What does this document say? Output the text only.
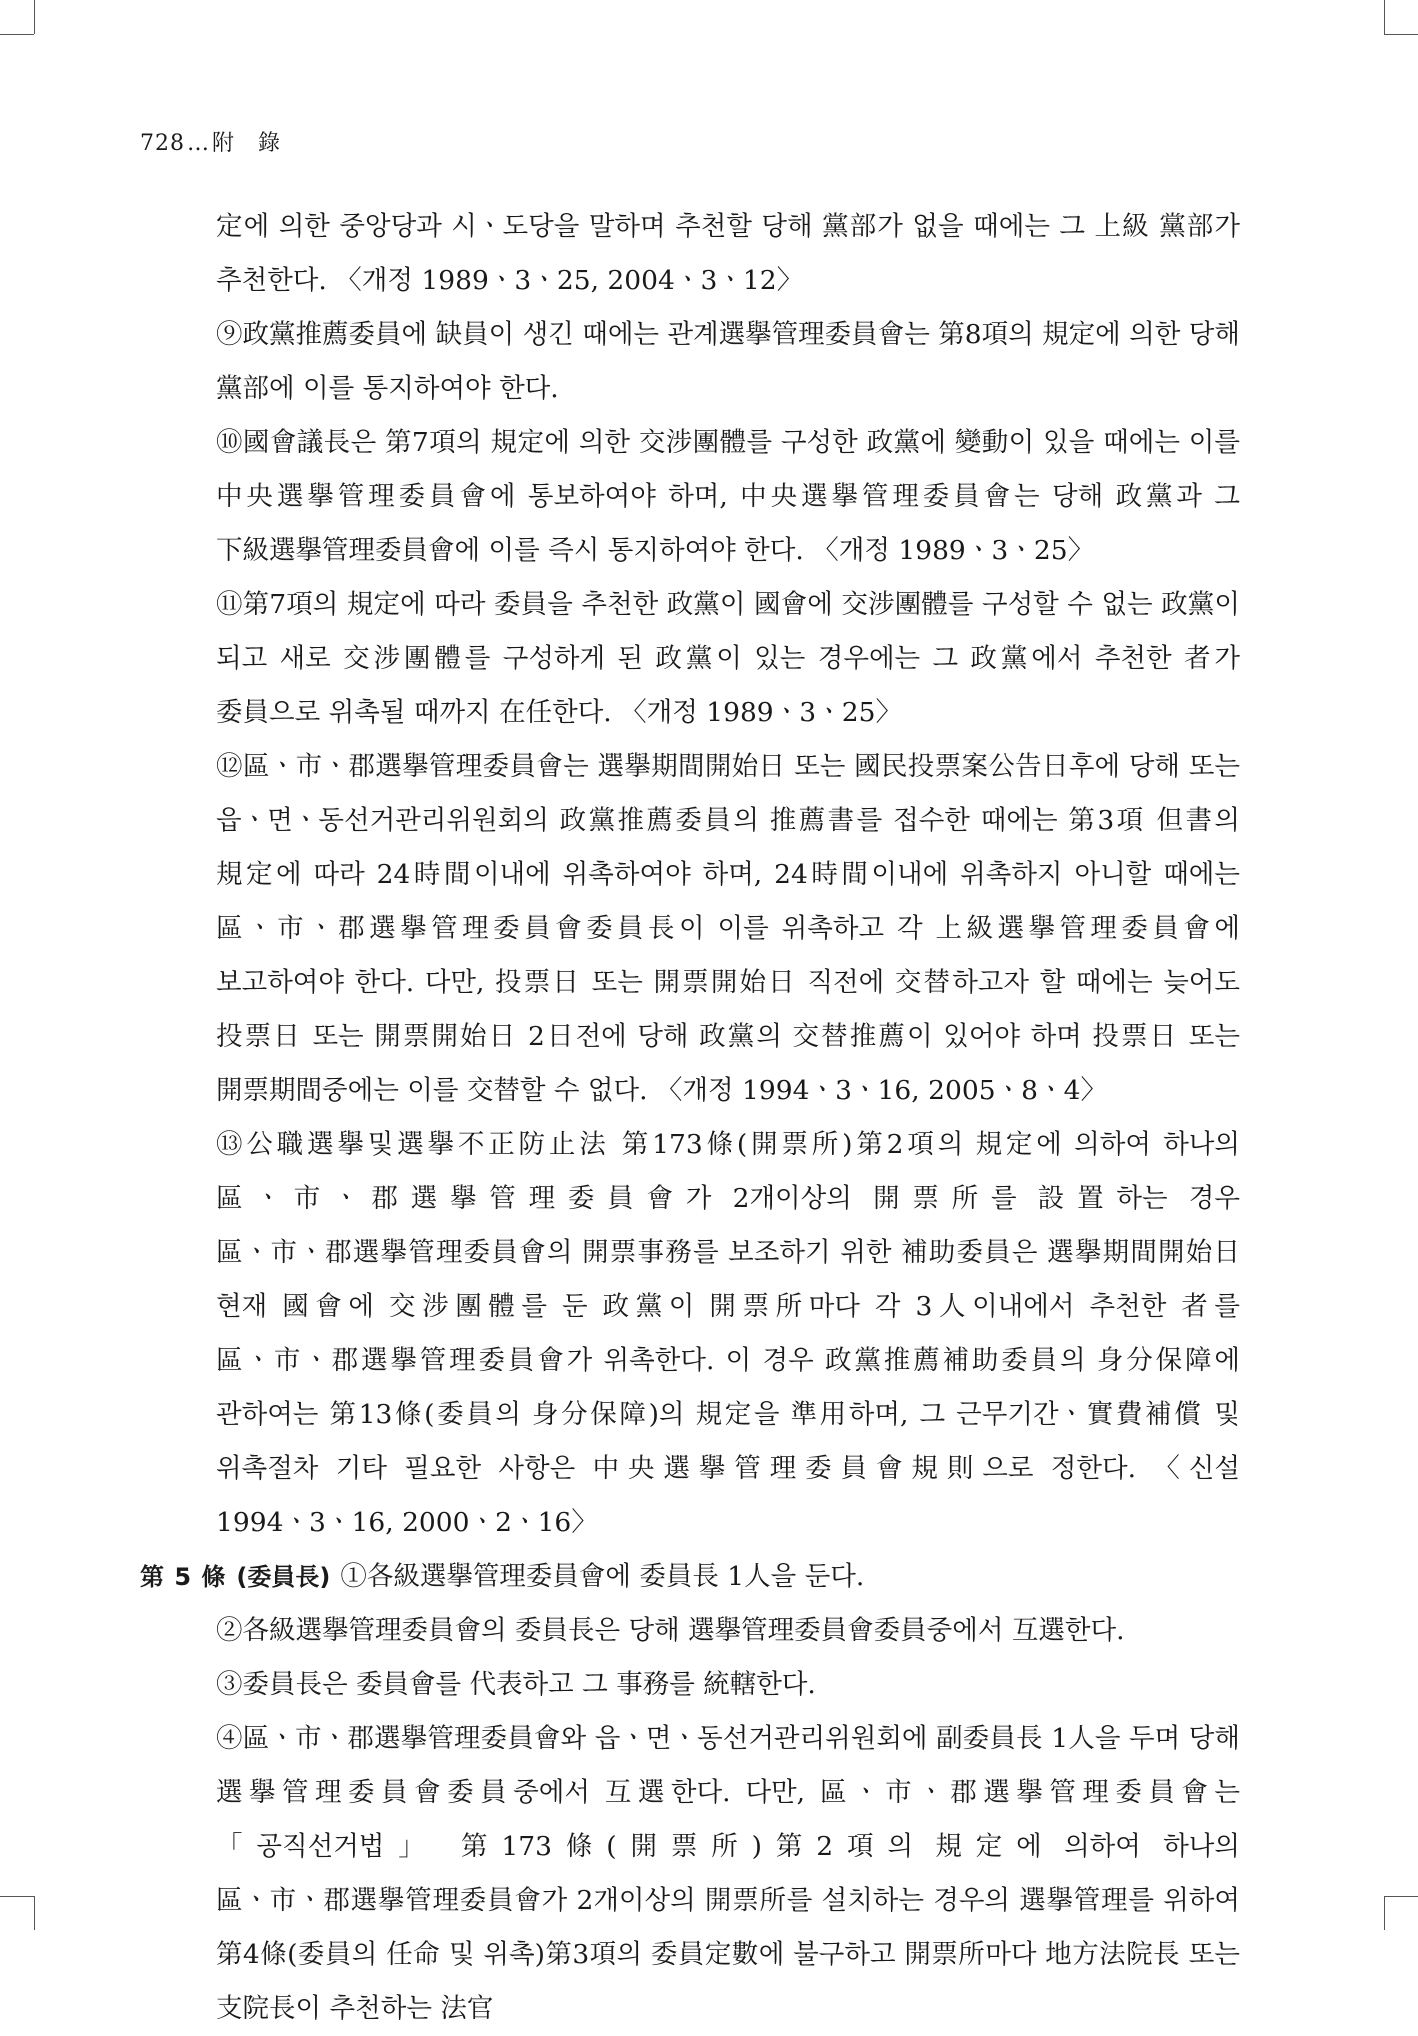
728…附　錄

定에 의한 중앙당과 시ㆍ도당을 말하며 추천할 당해 黨部가 없을 때에는 그 上級 黨部가 추천한다. 〈개정 1989ㆍ3ㆍ25, 2004ㆍ3ㆍ12〉

⑨政黨推薦委員에 缺員이 생긴 때에는 관계選擧管理委員會는 第8項의 規定에 의한 당해 黨部에 이를 통지하여야 한다.

⑩國會議長은 第7項의 規定에 의한 交涉團體를 구성한 政黨에 變動이 있을 때에는 이를 中央選擧管理委員會에 통보하여야 하며, 中央選擧管理委員會는 당해 政黨과 그 下級選擧管理委員會에 이를 즉시 통지하여야 한다. 〈개정 1989ㆍ3ㆍ25〉

⑪第7項의 規定에 따라 委員을 추천한 政黨이 國會에 交涉團體를 구성할 수 없는 政黨이 되고 새로 交涉團體를 구성하게 된 政黨이 있는 경우에는 그 政黨에서 추천한 者가 委員으로 위촉될 때까지 在任한다. 〈개정 1989ㆍ3ㆍ25〉

⑫區ㆍ市ㆍ郡選擧管理委員會는 選擧期間開始日 또는 國民投票案公告日후에 당해 또는 읍ㆍ면ㆍ동선거관리위원회의 政黨推薦委員의 推薦書를 접수한 때에는 第3項 但書의 規定에 따라 24時間이내에 위촉하여야 하며, 24時間이내에 위촉하지 아니할 때에는 區ㆍ市ㆍ郡選擧管理委員會委員長이 이를 위촉하고 각 上級選擧管理委員會에 보고하여야 한다. 다만, 投票日 또는 開票開始日 직전에 交替하고자 할 때에는 늦어도 投票日 또는 開票開始日 2日전에 당해 政黨의 交替推薦이 있어야 하며 投票日 또는 開票期間중에는 이를 交替할 수 없다. 〈개정 1994ㆍ3ㆍ16, 2005ㆍ8ㆍ4〉

⑬公職選擧및選擧不正防止法 第173條(開票所)第2項의 規定에 의하여 하나의 區ㆍ市ㆍ郡選擧管理委員會가 2개이상의 開票所를 設置하는 경우 區ㆍ市ㆍ郡選擧管理委員會의 開票事務를 보조하기 위한 補助委員은 選擧期間開始日 현재 國會에 交涉團體를 둔 政黨이 開票所마다 각 3人이내에서 추천한 者를 區ㆍ市ㆍ郡選擧管理委員會가 위촉한다. 이 경우 政黨推薦補助委員의 身分保障에 관하여는 第13條(委員의 身分保障)의 規定을 準用하며, 그 근무기간ㆍ實費補償 및 위촉절차 기타 필요한 사항은 中央選擧管理委員會規則으로 정한다. 〈신설 1994ㆍ3ㆍ16, 2000ㆍ2ㆍ16〉

第 5 條 (委員長) ①各級選擧管理委員會에 委員長 1人을 둔다.

②各級選擧管理委員會의 委員長은 당해 選擧管理委員會委員중에서 互選한다.

③委員長은 委員會를 代表하고 그 事務를 統轄한다.

④區ㆍ市ㆍ郡選擧管理委員會와 읍ㆍ면ㆍ동선거관리위원회에 副委員長 1人을 두며 당해 選擧管理委員會委員중에서 互選한다. 다만, 區ㆍ市ㆍ郡選擧管理委員會는 「공직선거법」 第173條(開票所)第2項의 規定에 의하여 하나의 區ㆍ市ㆍ郡選擧管理委員會가 2개이상의 開票所를 설치하는 경우의 選擧管理를 위하여 第4條(委員의 任命 및 위촉)第3項의 委員定數에 불구하고 開票所마다 地方法院長 또는 支院長이 추천하는 法官
